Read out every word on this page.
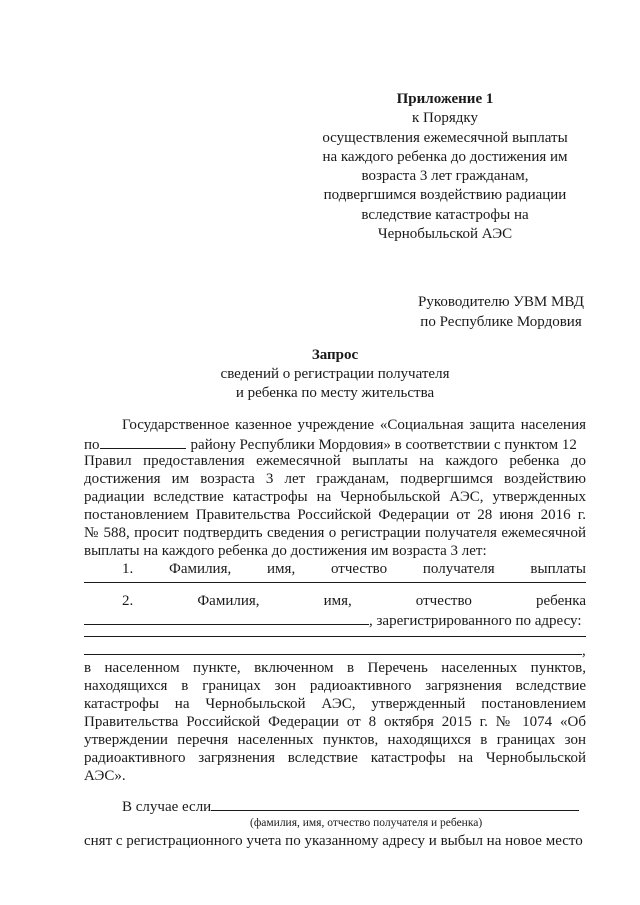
Приложение 1
к Порядку
осуществления ежемесячной выплаты
на каждого ребенка до достижения им
возраста 3 лет гражданам,
подвергшимся воздействию радиации
вследствие катастрофы на
Чернобыльской АЭС
Руководителю УВМ МВД
по Республике Мордовия
Запрос
сведений о регистрации получателя
и ребенка по месту жительства
Государственное казенное учреждение «Социальная защита населения
по	району Республики Мордовия» в соответствии с пунктом 12
Правил предоставления ежемесячной выплаты на каждого ребенка до
достижения им возраста 3 лет гражданам, подвергшимся воздействию
радиации вследствие катастрофы на Чернобыльской АЭС, утвержденных
постановлением Правительства Российской Федерации от 28 июня 2016 г.
№ 588, просит подтвердить сведения о регистрации получателя ежемесячной
выплаты на каждого ребенка до достижения им возраста 3 лет:
1. Фамилия, имя, отчество получателя выплаты
2. Фамилия, имя, отчество ребенка
, зарегистрированного по адресу:
,
в населенном пункте, включенном в Перечень населенных пунктов,
находящихся в границах зон радиоактивного загрязнения вследствие
катастрофы на Чернобыльской АЭС, утвержденный постановлением
Правительства Российской Федерации от 8 октября 2015 г. № 1074 «Об
утверждении перечня населенных пунктов, находящихся в границах зон
радиоактивного загрязнения вследствие катастрофы на Чернобыльской
АЭС».
В случае если
(фамилия, имя, отчество получателя и ребенка)
снят с регистрационного учета по указанному адресу и выбыл на новое место
